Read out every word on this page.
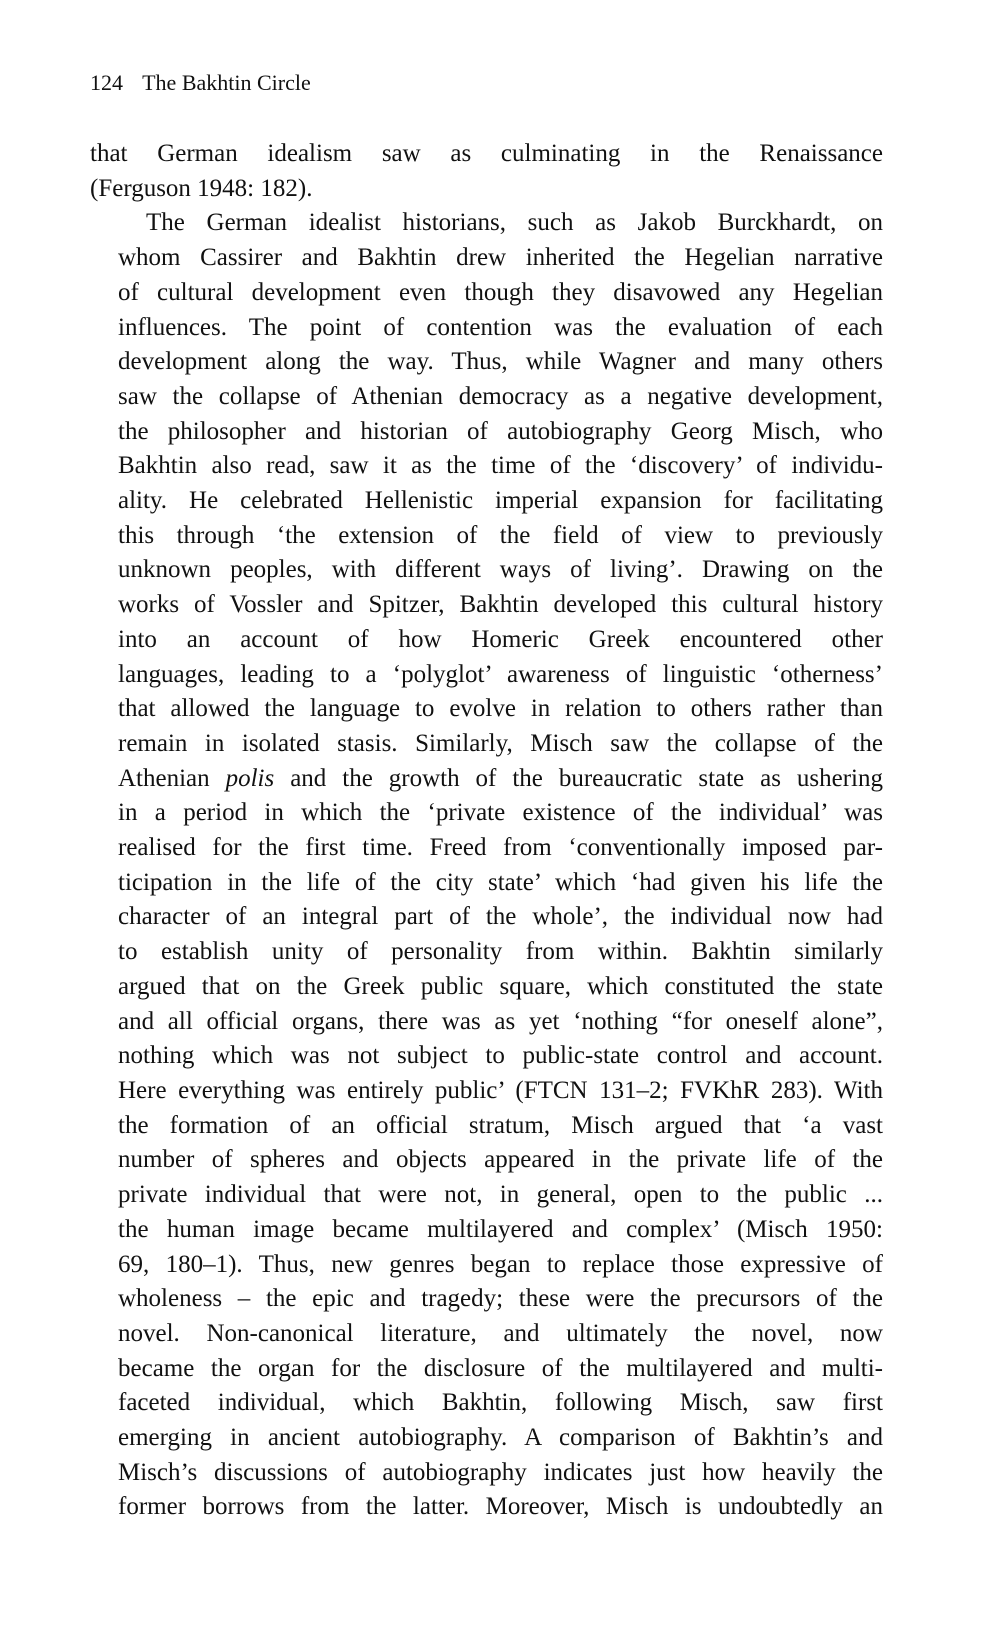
124 The Bakhtin Circle
that German idealism saw as culminating in the Renaissance
(Ferguson 1948: 182).
The German idealist historians, such as Jakob Burckhardt, on
whom Cassirer and Bakhtin drew inherited the Hegelian narrative
of cultural development even though they disavowed any Hegelian
influences. The point of contention was the evaluation of each
development along the way. Thus, while Wagner and many others
saw the collapse of Athenian democracy as a negative development,
the philosopher and historian of autobiography Georg Misch, who
Bakhtin also read, saw it as the time of the ‘discovery’ of individu-
ality. He celebrated Hellenistic imperial expansion for facilitating
this through ‘the extension of the field of view to previously
unknown peoples, with different ways of living’. Drawing on the
works of Vossler and Spitzer, Bakhtin developed this cultural history
into an account of how Homeric Greek encountered other
languages, leading to a ‘polyglot’ awareness of linguistic ‘otherness’
that allowed the language to evolve in relation to others rather than
remain in isolated stasis. Similarly, Misch saw the collapse of the
Athenian polis and the growth of the bureaucratic state as ushering
in a period in which the ‘private existence of the individual’ was
realised for the first time. Freed from ‘conventionally imposed par-
ticipation in the life of the city state’ which ‘had given his life the
character of an integral part of the whole’, the individual now had
to establish unity of personality from within. Bakhtin similarly
argued that on the Greek public square, which constituted the state
and all official organs, there was as yet ‘nothing “for oneself alone”,
nothing which was not subject to public-state control and account.
Here everything was entirely public’ (FTCN 131–2; FVKhR 283). With
the formation of an official stratum, Misch argued that ‘a vast
number of spheres and objects appeared in the private life of the
private individual that were not, in general, open to the public ...
the human image became multilayered and complex’ (Misch 1950:
69, 180–1). Thus, new genres began to replace those expressive of
wholeness – the epic and tragedy; these were the precursors of the
novel. Non-canonical literature, and ultimately the novel, now
became the organ for the disclosure of the multilayered and multi-
faceted individual, which Bakhtin, following Misch, saw first
emerging in ancient autobiography. A comparison of Bakhtin’s and
Misch’s discussions of autobiography indicates just how heavily the
former borrows from the latter. Moreover, Misch is undoubtedly an
